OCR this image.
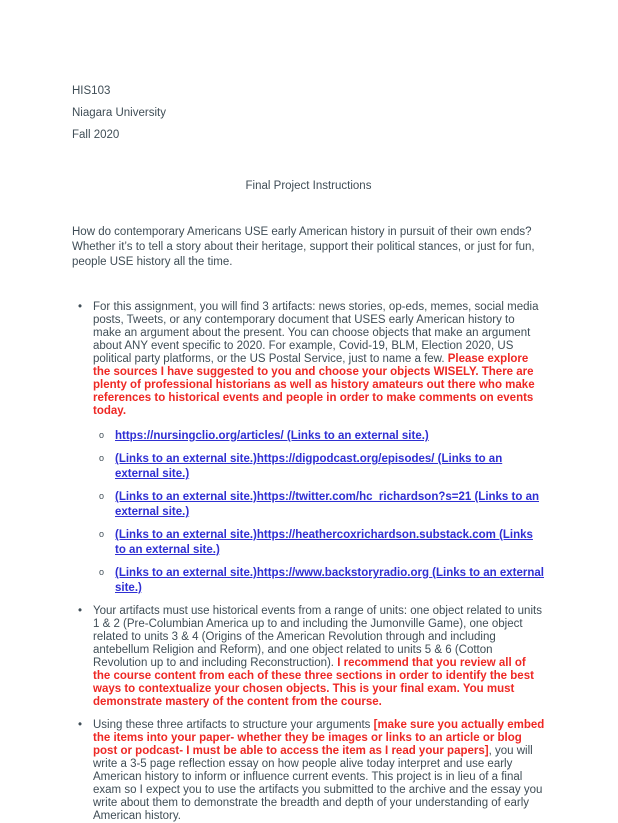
HIS103

Niagara University

Fall 2020

Final Project Instructions

How do contemporary Americans USE early American history in pursuit of their own ends? Whether it’s to tell a story about their heritage, support their political stances, or just for fun, people USE history all the time.

• For this assignment, you will find 3 artifacts: news stories, op-eds, memes, social media posts, Tweets, or any contemporary document that USES early American history to make an argument about the present. You can choose objects that make an argument about ANY event specific to 2020. For example, Covid-19, BLM, Election 2020, US political party platforms, or the US Postal Service, just to name a few. Please explore the sources I have suggested to you and choose your objects WISELY. There are plenty of professional historians as well as history amateurs out there who make references to historical events and people in order to make comments on events today.
o https://nursingclio.org/articles/ (Links to an external site.)
o (Links to an external site.)https://digpodcast.org/episodes/ (Links to an external site.)
o (Links to an external site.)https://twitter.com/hc_richardson?s=21 (Links to an external site.)
o (Links to an external site.)https://heathercoxrichardson.substack.com (Links to an external site.)
o (Links to an external site.)https://www.backstoryradio.org (Links to an external site.)
• Your artifacts must use historical events from a range of units: one object related to units 1 & 2 (Pre-Columbian America up to and including the Jumonville Game), one object related to units 3 & 4 (Origins of the American Revolution through and including antebellum Religion and Reform), and one object related to units 5 & 6 (Cotton Revolution up to and including Reconstruction). I recommend that you review all of the course content from each of these three sections in order to identify the best ways to contextualize your chosen objects. This is your final exam. You must demonstrate mastery of the content from the course.
• Using these three artifacts to structure your arguments [make sure you actually embed the items into your paper- whether they be images or links to an article or blog post or podcast- I must be able to access the item as I read your papers], you will write a 3-5 page reflection essay on how people alive today interpret and use early American history to inform or influence current events. This project is in lieu of a final exam so I expect you to use the artifacts you submitted to the archive and the essay you write about them to demonstrate the breadth and depth of your understanding of early American history.
